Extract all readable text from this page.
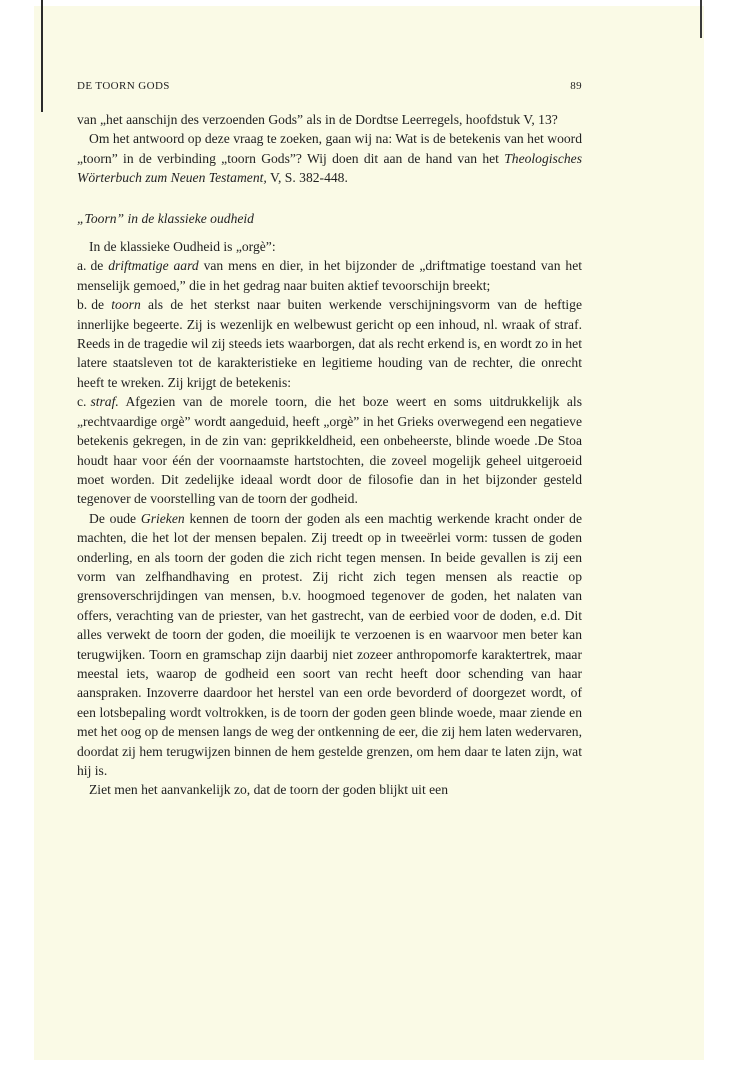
DE TOORN GODS	89

van „het aanschijn des verzoenden Gods” als in de Dordtse Leerregels, hoofdstuk V, 13?

Om het antwoord op deze vraag te zoeken, gaan wij na: Wat is de betekenis van het woord „toorn” in de verbinding „toorn Gods”? Wij doen dit aan de hand van het Theologisches Wörterbuch zum Neuen Testament, V, S. 382-448.

„Toorn” in de klassieke oudheid

In de klassieke Oudheid is „orgè”:

a. de driftmatige aard van mens en dier, in het bijzonder de „driftmatige toestand van het menselijk gemoed,” die in het gedrag naar buiten aktief tevoorschijn breekt;

b. de toorn als de het sterkst naar buiten werkende verschijningsvorm van de heftige innerlijke begeerte. Zij is wezenlijk en welbewust gericht op een inhoud, nl. wraak of straf. Reeds in de tragedie wil zij steeds iets waarborgen, dat als recht erkend is, en wordt zo in het latere staatsleven tot de karakteristieke en legitieme houding van de rechter, die onrecht heeft te wreken. Zij krijgt de betekenis:

c. straf. Afgezien van de morele toorn, die het boze weert en soms uitdrukkelijk als „rechtvaardige orgè” wordt aangeduid, heeft „orgè” in het Grieks overwegend een negatieve betekenis gekregen, in de zin van: geprikkeldheid, een onbeheerste, blinde woede .De Stoa houdt haar voor één der voornaamste hartstochten, die zoveel mogelijk geheel uitgeroeid moet worden. Dit zedelijke ideaal wordt door de filosofie dan in het bijzonder gesteld tegenover de voorstelling van de toorn der godheid.

De oude Grieken kennen de toorn der goden als een machtig werkende kracht onder de machten, die het lot der mensen bepalen. Zij treedt op in tweeërlei vorm: tussen de goden onderling, en als toorn der goden die zich richt tegen mensen. In beide gevallen is zij een vorm van zelfhandhaving en protest. Zij richt zich tegen mensen als reactie op grensoverschrijdingen van mensen, b.v. hoogmoed tegenover de goden, het nalaten van offers, verachting van de priester, van het gastrecht, van de eerbied voor de doden, e.d. Dit alles verwekt de toorn der goden, die moeilijk te verzoenen is en waarvoor men beter kan terugwijken. Toorn en gramschap zijn daarbij niet zozeer anthropomorfe karaktertrek, maar meestal iets, waarop de godheid een soort van recht heeft door schending van haar aanspraken. Inzoverre daardoor het herstel van een orde bevorderd of doorgezet wordt, of een lotsbepaling wordt voltrokken, is de toorn der goden geen blinde woede, maar ziende en met het oog op de mensen langs de weg der ontkenning de eer, die zij hem laten wedervaren, doordat zij hem terugwijzen binnen de hem gestelde grenzen, om hem daar te laten zijn, wat hij is.

Ziet men het aanvankelijk zo, dat de toorn der goden blijkt uit een
